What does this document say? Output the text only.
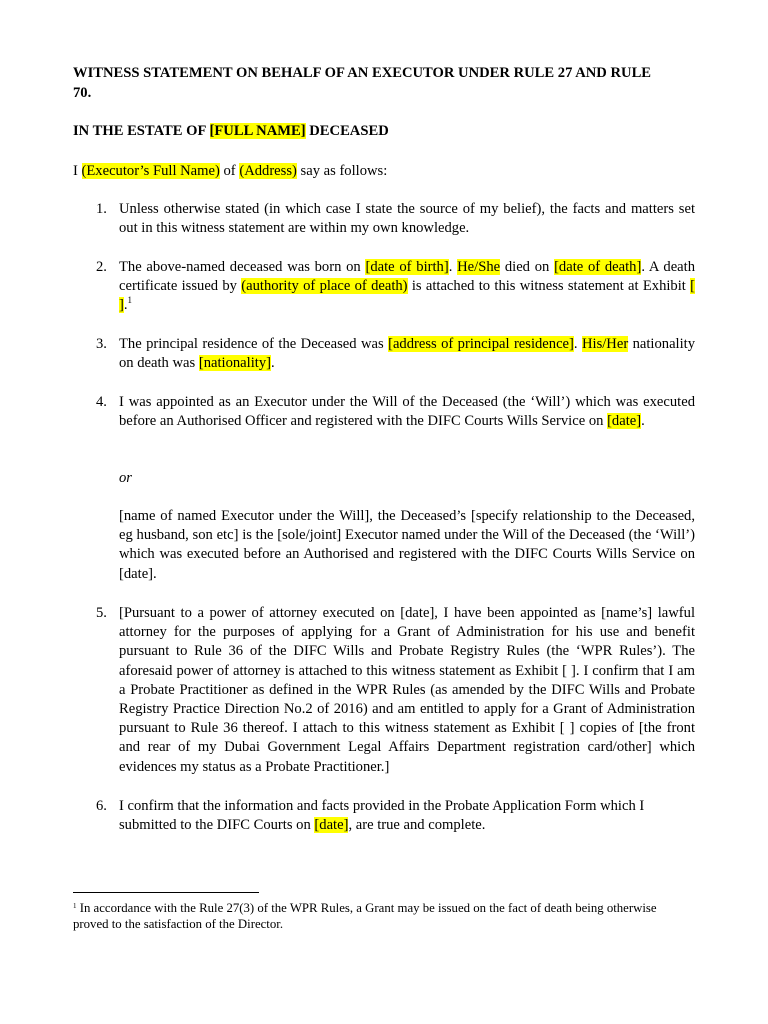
WITNESS STATEMENT ON BEHALF OF AN EXECUTOR UNDER RULE 27 AND RULE
70.

IN THE ESTATE OF [FULL NAME] DECEASED

I (Executor’s Full Name) of (Address) say as follows:

1. Unless otherwise stated (in which case I state the source of my belief), the facts and matters set out in this witness statement are within my own knowledge.
2. The above-named deceased was born on [date of birth]. He/She died on [date of death]. A death certificate issued by (authority of place of death) is attached to this witness statement at Exhibit [ ].$^1$
3. The principal residence of the Deceased was [address of principal residence]. His/Her nationality on death was [nationality].
4. I was appointed as an Executor under the Will of the Deceased (the ‘Will’) which was executed before an Authorised Officer and registered with the DIFC Courts Wills Service on [date].
or
[name of named Executor under the Will], the Deceased’s [specify relationship to the Deceased, eg husband, son etc] is the [sole/joint] Executor named under the Will of the Deceased (the ‘Will’) which was executed before an Authorised and registered with the DIFC Courts Wills Service on [date].
5. [Pursuant to a power of attorney executed on [date], I have been appointed as [name’s] lawful attorney for the purposes of applying for a Grant of Administration for his use and benefit pursuant to Rule 36 of the DIFC Wills and Probate Registry Rules (the ‘WPR Rules’). The aforesaid power of attorney is attached to this witness statement as Exhibit [ ]. I confirm that I am a Probate Practitioner as defined in the WPR Rules (as amended by the DIFC Wills and Probate Registry Practice Direction No.2 of 2016) and am entitled to apply for a Grant of Administration pursuant to Rule 36 thereof. I attach to this witness statement as Exhibit [ ] copies of [the front and rear of my Dubai Government Legal Affairs Department registration card/other] which evidences my status as a Probate Practitioner.]
6. I confirm that the information and facts provided in the Probate Application Form which I submitted to the DIFC Courts on [date], are true and complete.

$^1$ In accordance with the Rule 27(3) of the WPR Rules, a Grant may be issued on the fact of death being otherwise proved to the satisfaction of the Director.
